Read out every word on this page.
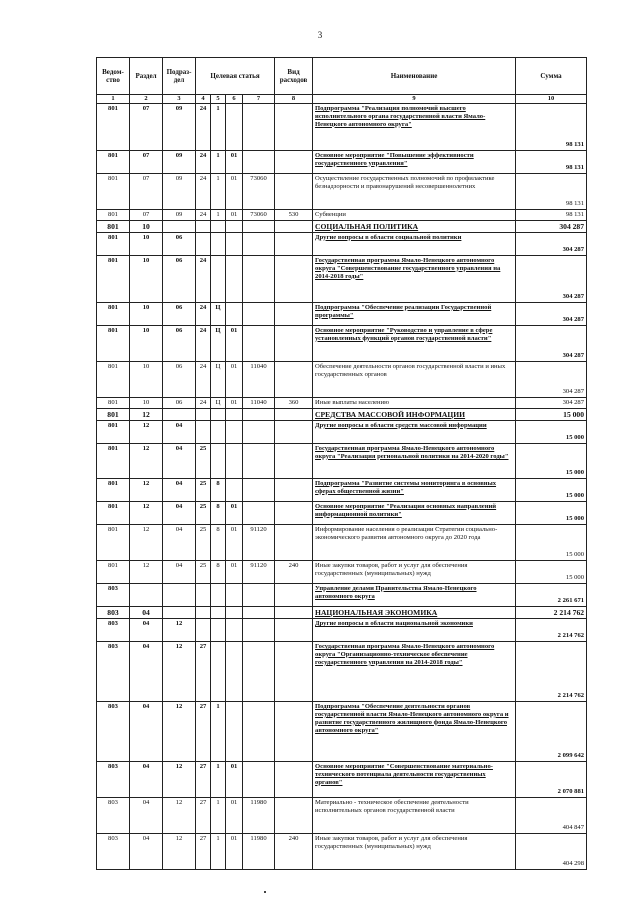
3
Ведом-ство	Раздел	Подраз-дел	Целевая статья				Вид расходов	Наименование	Сумма
1	2	3	4	5	6	7	8	9	10
801	07	09	24	1				Подпрограмма "Реализация полномочий высшего исполнительного органа государственной власти Ямало-Ненецкого автономного округа"	98 131
801	07	09	24	1	01			Основное мероприятие "Повышение эффективности государственного управления"	98 131
801	07	09	24	1	01	73060		Осуществление государственных полномочий по профилактике безнадзорности и правонарушений несовершеннолетних	98 131
801	07	09	24	1	01	73060	530	Субвенции	98 131
801	10							СОЦИАЛЬНАЯ ПОЛИТИКА	304 287
801	10	06						Другие вопросы в области социальной политики	304 287
801	10	06	24					Государственная программа Ямало-Ненецкого автономного округа "Совершенствование государственного управления на 2014-2018 годы"	304 287
801	10	06	24	Ц				Подпрограмма "Обеспечение реализации Государственной программы"	304 287
801	10	06	24	Ц	01			Основное мероприятие "Руководство и управление в сфере установленных функций органов государственной власти"	304 287
801	10	06	24	Ц	01	11040		Обеспечение деятельности органов государственной власти и иных государственных органов	304 287
801	10	06	24	Ц	01	11040	360	Иные выплаты населению	304 287
801	12							СРЕДСТВА МАССОВОЙ ИНФОРМАЦИИ	15 000
801	12	04						Другие вопросы в области средств массовой информации	15 000
801	12	04	25					Государственная программа Ямало-Ненецкого автономного округа "Реализация региональной политики на 2014-2020 годы"	15 000
801	12	04	25	8				Подпрограмма "Развитие системы мониторинга в основных сферах общественной жизни"	15 000
801	12	04	25	8	01			Основное мероприятие "Реализация основных направлений информационной политики"	15 000
801	12	04	25	8	01	91120		Информирование населения о реализации Стратегии социально-экономического развития автономного округа до 2020 года	15 000
801	12	04	25	8	01	91120	240	Иные закупки товаров, работ и услуг для обеспечения государственных (муниципальных) нужд	15 000
803								Управление делами Правительства Ямало-Ненецкого автономного округа	2 261 671
803	04							НАЦИОНАЛЬНАЯ ЭКОНОМИКА	2 214 762
803	04	12						Другие вопросы в области национальной экономики	2 214 762
803	04	12	27					Государственная программа Ямало-Ненецкого автономного округа "Организационно-техническое обеспечение государственного управления на 2014-2018 годы"	2 214 762
803	04	12	27	1				Подпрограмма "Обеспечение деятельности органов государственной власти Ямало-Ненецкого автономного округа и развитие государственного жилищного фонда Ямало-Ненецкого автономного округа"	2 099 642
803	04	12	27	1	01			Основное мероприятие "Совершенствование материально-технического потенциала деятельности государственных органов"	2 070 881
803	04	12	27	1	01	11980		Материально - техническое обеспечение деятельности исполнительных органов государственной власти	404 847
803	04	12	27	1	01	11980	240	Иные закупки товаров, работ и услуг для обеспечения государственных (муниципальных) нужд	404 298
